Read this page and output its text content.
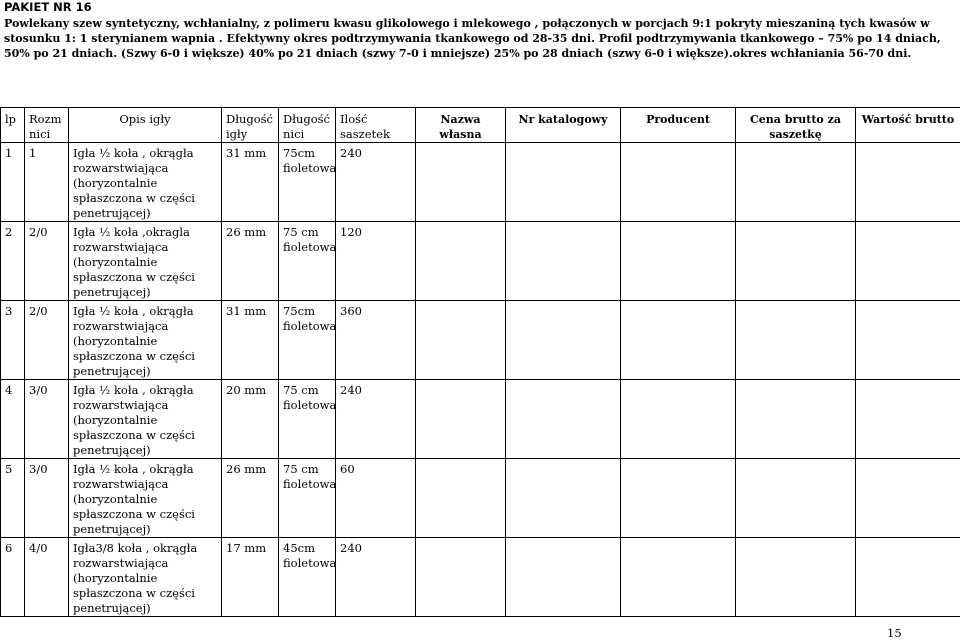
PAKIET NR 16
Powlekany szew syntetyczny, wchłanialny, z polimeru kwasu glikolowego i mlekowego , połączonych w porcjach 9:1 pokryty mieszaniną tych kwasów w stosunku 1: 1 sterynianem wapnia . Efektywny okres podtrzymywania tkankowego od 28-35 dni. Profil podtrzymywania tkankowego – 75% po 14 dniach, 50% po 21 dniach. (Szwy 6-0 i większe) 40% po 21 dniach (szwy 7-0 i mniejsze) 25% po 28 dniach (szwy 6-0 i większe).okres wchłaniania 56-70 dni.
lp	Rozm nici	Opis igły	Długość igły	Długość nici	Ilość saszetek	Nazwa własna	Nr katalogowy	Producent	Cena brutto za saszetkę	Wartość brutto
1	1	Igła ½ koła , okrągła rozwarstwiająca (horyzontalnie spłaszczona w części penetrującej)	31 mm	75cm fioletowa	240					
2	2/0	Igła ½ koła ,okragla rozwarstwiająca (horyzontalnie spłaszczona w części penetrującej)	26 mm	75 cm fioletowa	120					
3	2/0	Igła ½ koła , okrągła rozwarstwiająca (horyzontalnie spłaszczona w części penetrującej)	31 mm	75cm fioletowa	360					
4	3/0	Igła ½ koła , okrągła rozwarstwiająca (horyzontalnie spłaszczona w części penetrującej)	20 mm	75 cm fioletowa	240					
5	3/0	Igła ½ koła , okrągła rozwarstwiająca (horyzontalnie spłaszczona w części penetrującej)	26 mm	75 cm fioletowa	60					
6	4/0	Igła3/8 koła , okrągła rozwarstwiająca (horyzontalnie spłaszczona w części penetrującej)	17 mm	45cm fioletowa	240					
15
